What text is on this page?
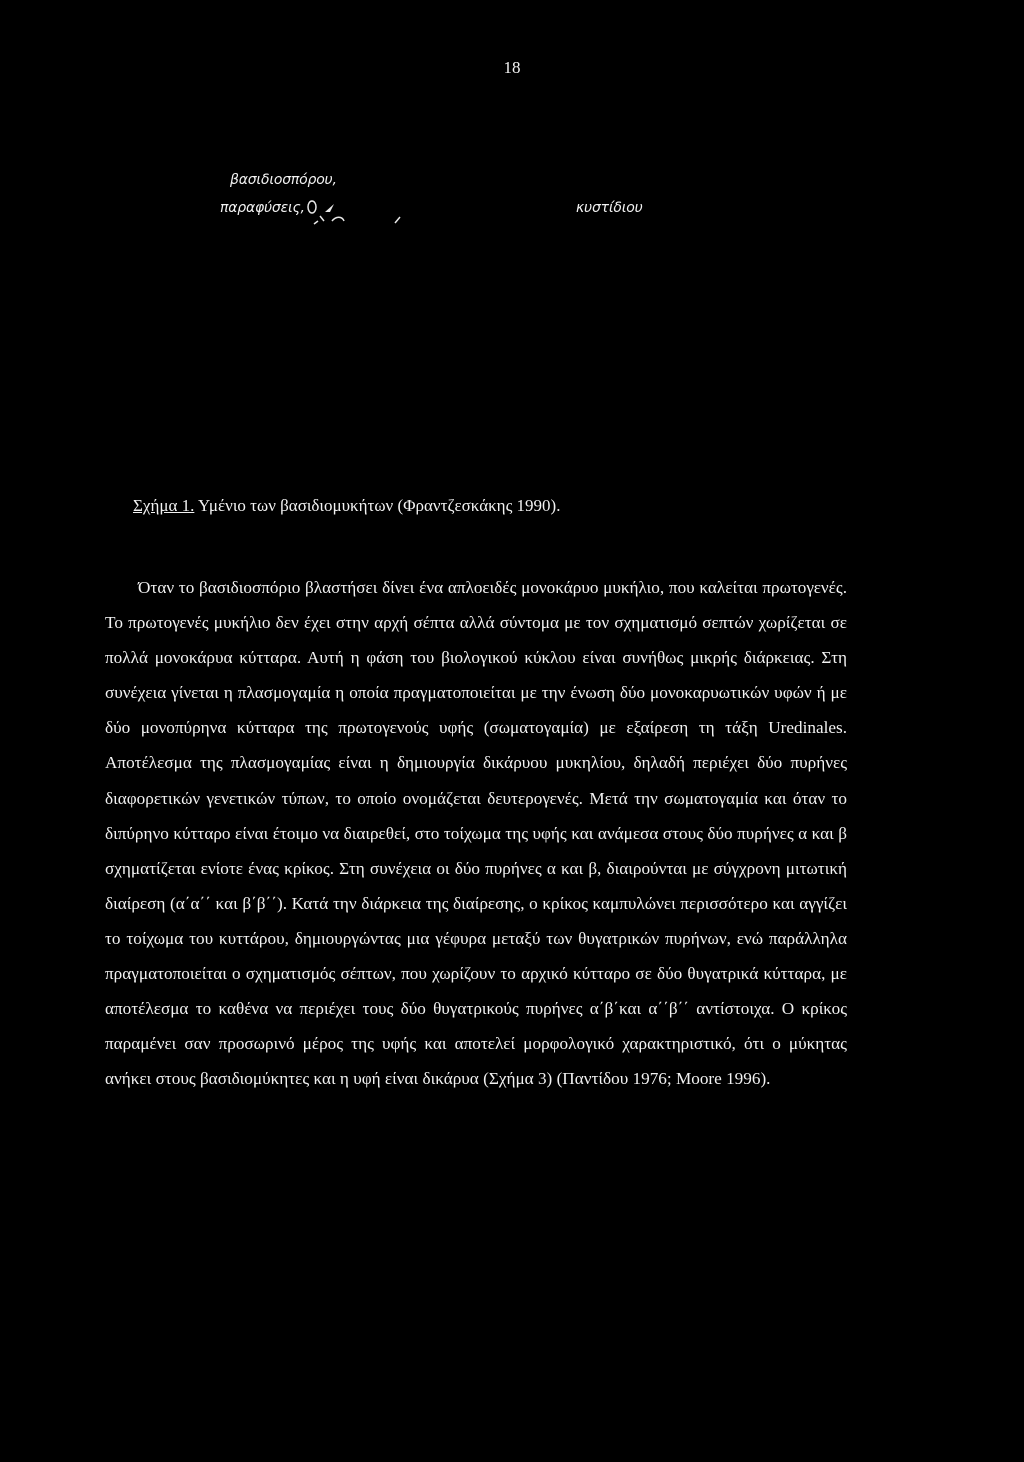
18
βασιδιοσπόρου,
παραφύσεις,	κυστίδιου
Σχήμα 1. Υμένιο των βασιδιομυκήτων (Φραντζεσκάκης 1990).

Όταν το βασιδιοσπόριο βλαστήσει δίνει ένα απλοειδές μονοκάρυο μυκήλιο, που καλείται πρωτογενές. Το πρωτογενές μυκήλιο δεν έχει στην αρχή σέπτα αλλά σύντομα με τον σχηματισμό σεπτών χωρίζεται σε πολλά μονοκάρυα κύτταρα. Αυτή η φάση του βιολογικού κύκλου είναι συνήθως μικρής διάρκειας. Στη συνέχεια γίνεται η πλασμογαμία η οποία πραγματοποιείται με την ένωση δύο μονοκαρυωτικών υφών ή με δύο μονοπύρηνα κύτταρα της πρωτογενούς υφής (σωματογαμία) με εξαίρεση τη τάξη Uredinales. Αποτέλεσμα της πλασμογαμίας είναι η δημιουργία δικάρυου μυκηλίου, δηλαδή περιέχει δύο πυρήνες διαφορετικών γενετικών τύπων, το οποίο ονομάζεται δευτερογενές. Μετά την σωματογαμία και όταν το διπύρηνο κύτταρο είναι έτοιμο να διαιρεθεί, στο τοίχωμα της υφής και ανάμεσα στους δύο πυρήνες α και β σχηματίζεται ενίοτε ένας κρίκος. Στη συνέχεια οι δύο πυρήνες α και β, διαιρούνται με σύγχρονη μιτωτική διαίρεση (α΄α΄΄ και β΄β΄΄). Κατά την διάρκεια της διαίρεσης, ο κρίκος καμπυλώνει περισσότερο και αγγίζει το τοίχωμα του κυττάρου, δημιουργώντας μια γέφυρα μεταξύ των θυγατρικών πυρήνων, ενώ παράλληλα πραγματοποιείται ο σχηματισμός σέπτων, που χωρίζουν το αρχικό κύτταρο σε δύο θυγατρικά κύτταρα, με αποτέλεσμα το καθένα να περιέχει τους δύο θυγατρικούς πυρήνες α΄β΄και α΄΄β΄΄ αντίστοιχα. Ο κρίκος παραμένει σαν προσωρινό μέρος της υφής και αποτελεί μορφολογικό χαρακτηριστικό, ότι ο μύκητας ανήκει στους βασιδιομύκητες και η υφή είναι δικάρυα (Σχήμα 3) (Παντίδου 1976; Moore 1996).
